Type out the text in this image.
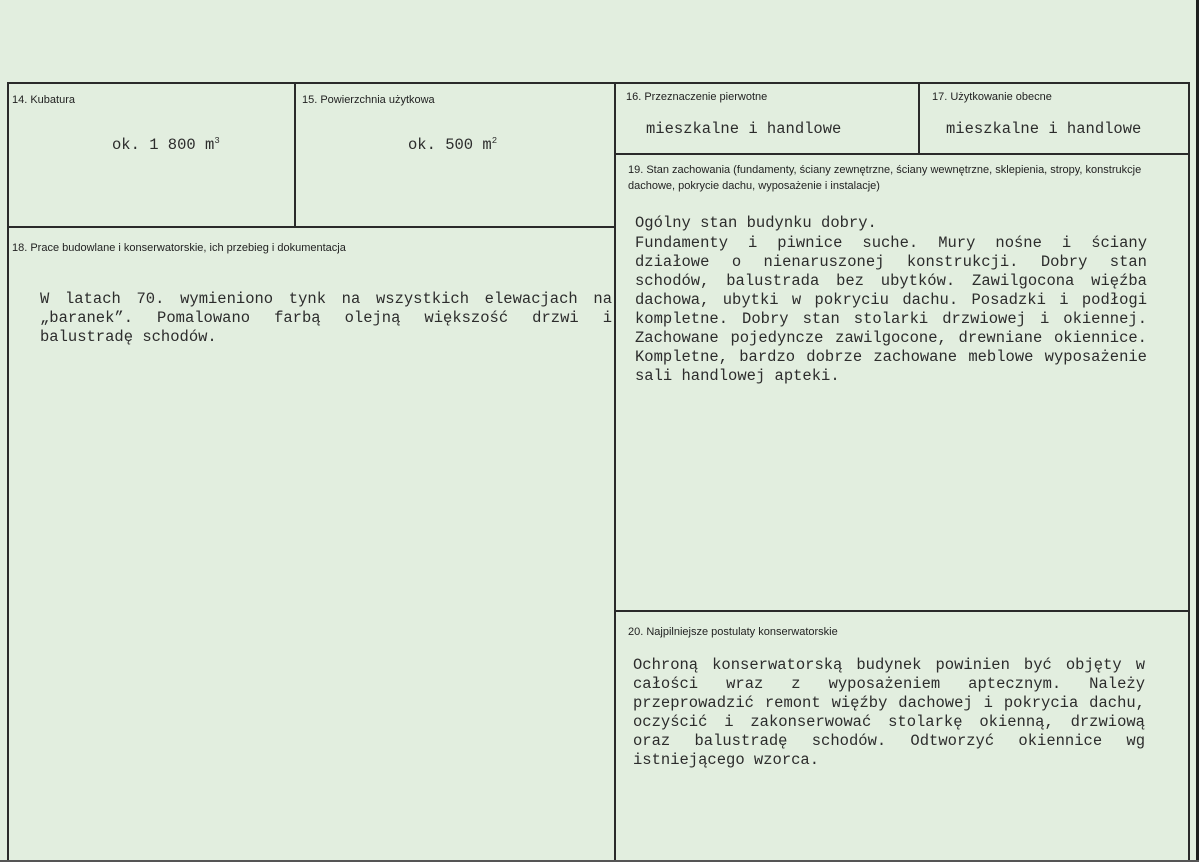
14. Kubatura
ok. 1 800 $m^3$
15. Powierzchnia użytkowa
ok. 500 $m^2$
16. Przeznaczenie pierwotne
mieszkalne i handlowe
17. Użytkowanie obecne
mieszkalne i handlowe
18. Prace budowlane i konserwatorskie, ich przebieg i dokumentacja
W latach 70. wymieniono tynk na wszystkich elewacjach na „baranek”. Pomalowano farbą olejną większość drzwi i balustradę schodów.
19. Stan zachowania (fundamenty, ściany zewnętrzne, ściany wewnętrzne, sklepienia, stropy, konstrukcje dachowe, pokrycie dachu, wyposażenie i instalacje)
Ogólny stan budynku dobry.
Fundamenty i piwnice suche. Mury nośne i ściany działowe o nienaruszonej konstrukcji. Dobry stan schodów, balustrada bez ubytków. Zawilgocona więźba dachowa, ubytki w pokryciu dachu. Posadzki i podłogi kompletne. Dobry stan stolarki drzwiowej i okiennej. Zachowane pojedyncze zawilgocone, drewniane okiennice. Kompletne, bardzo dobrze zachowane meblowe wyposażenie sali handlowej apteki.
20. Najpilniejsze postulaty konserwatorskie
Ochroną konserwatorską budynek powinien być objęty w całości wraz z wyposażeniem aptecznym. Należy przeprowadzić remont więźby dachowej i pokrycia dachu, oczyścić i zakonserwować stolarkę okienną, drzwiową oraz balustradę schodów. Odtworzyć okiennice wg istniejącego wzorca.
